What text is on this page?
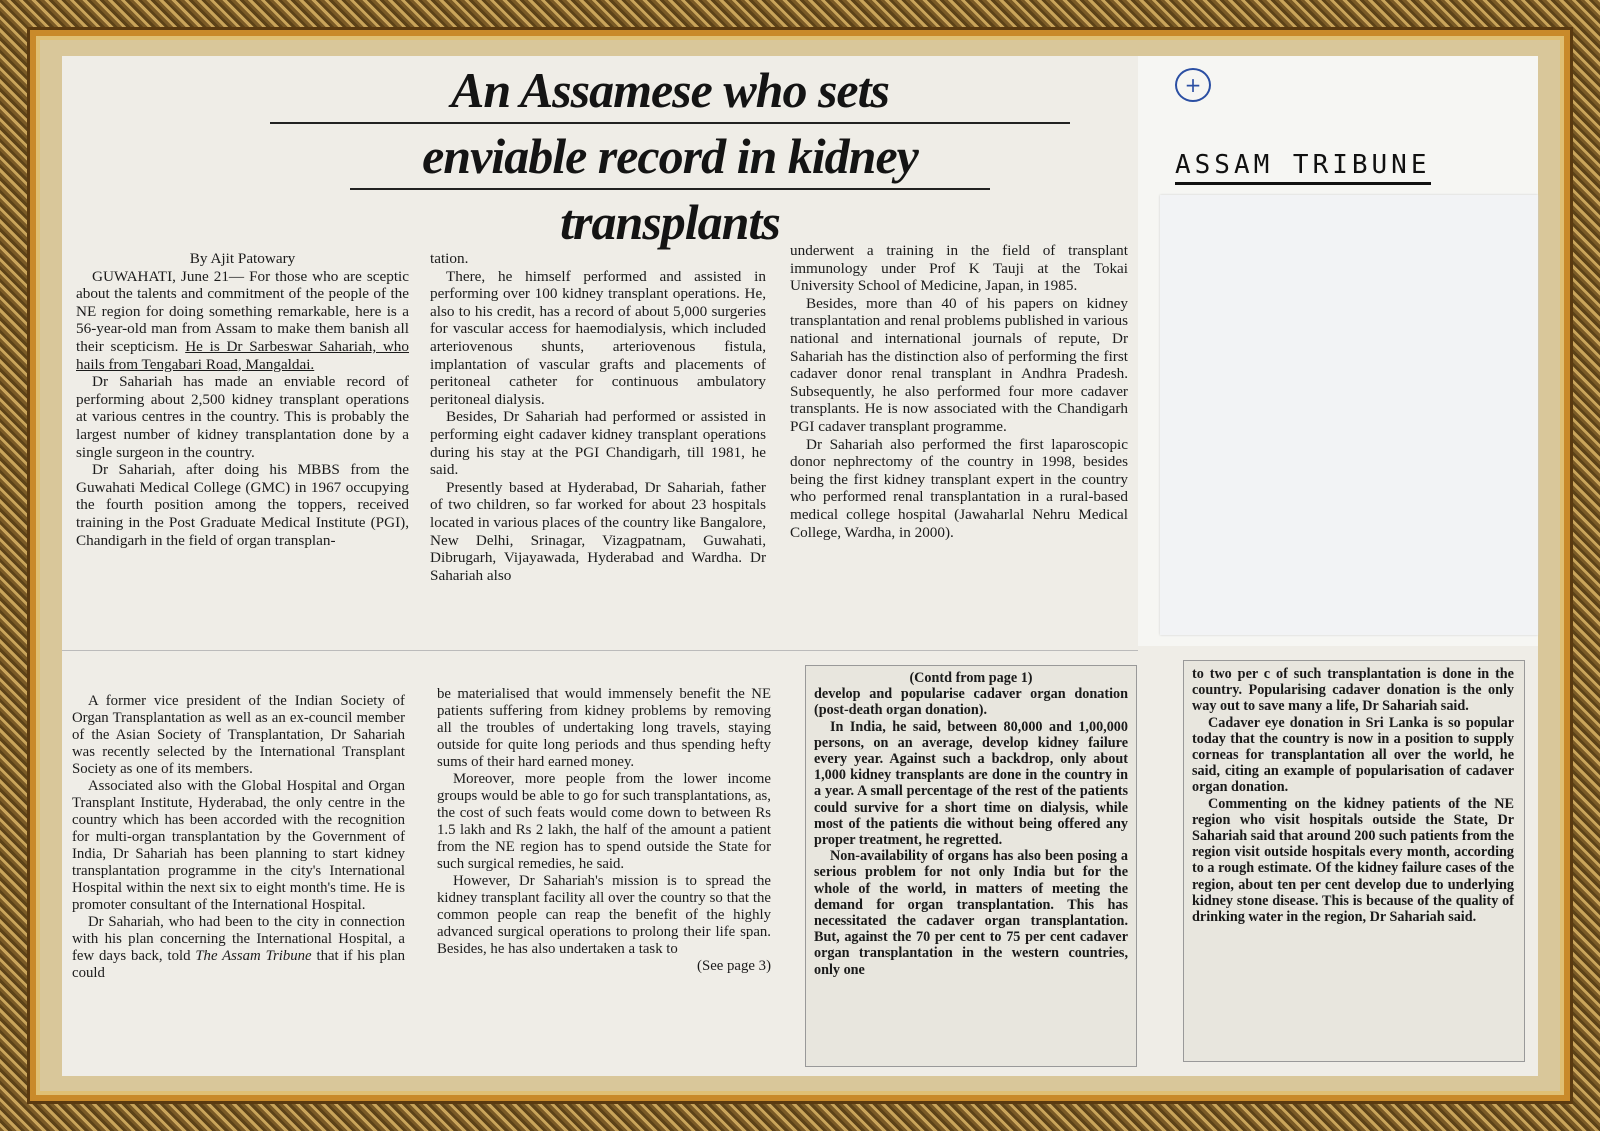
+
ASSAM TRIBUNE
An Assamese who sets
enviable record in kidney
transplants

By Ajit Patowary

GUWAHATI, June 21— For those who are sceptic about the talents and commitment of the people of the NE region for doing something remarkable, here is a 56-year-old man from Assam to make them banish all their scepticism. He is Dr Sarbeswar Sahariah, who hails from Tengabari Road, Mangaldai.

Dr Sahariah has made an enviable record of performing about 2,500 kidney transplant operations at various centres in the country. This is probably the largest number of kidney transplantation done by a single surgeon in the country.

Dr Sahariah, after doing his MBBS from the Guwahati Medical College (GMC) in 1967 occupying the fourth position among the toppers, received training in the Post Graduate Medical Institute (PGI), Chandigarh in the field of organ transplan-

tation.

There, he himself performed and assisted in performing over 100 kidney transplant operations. He, also to his credit, has a record of about 5,000 surgeries for vascular access for haemodialysis, which included arteriovenous shunts, arteriovenous fistula, implantation of vascular grafts and placements of peritoneal catheter for continuous ambulatory peritoneal dialysis.

Besides, Dr Sahariah had performed or assisted in performing eight cadaver kidney transplant operations during his stay at the PGI Chandigarh, till 1981, he said.

Presently based at Hyderabad, Dr Sahariah, father of two children, so far worked for about 23 hospitals located in various places of the country like Bangalore, New Delhi, Srinagar, Vizagpatnam, Guwahati, Dibrugarh, Vijayawada, Hyderabad and Wardha. Dr Sahariah also

underwent a training in the field of transplant immunology under Prof K Tauji at the Tokai University School of Medicine, Japan, in 1985.

Besides, more than 40 of his papers on kidney transplantation and renal problems published in various national and international journals of repute, Dr Sahariah has the distinction also of performing the first cadaver donor renal transplant in Andhra Pradesh. Subsequently, he also performed four more cadaver transplants. He is now associated with the Chandigarh PGI cadaver transplant programme.

Dr Sahariah also performed the first laparoscopic donor nephrectomy of the country in 1998, besides being the first kidney transplant expert in the country who performed renal transplantation in a rural-based medical college hospital (Jawaharlal Nehru Medical College, Wardha, in 2000).

A former vice president of the Indian Society of Organ Transplantation as well as an ex-council member of the Asian Society of Transplantation, Dr Sahariah was recently selected by the International Transplant Society as one of its members.

Associated also with the Global Hospital and Organ Transplant Institute, Hyderabad, the only centre in the country which has been accorded with the recognition for multi-organ transplantation by the Government of India, Dr Sahariah has been planning to start kidney transplantation programme in the city's International Hospital within the next six to eight month's time. He is promoter consultant of the International Hospital.

Dr Sahariah, who had been to the city in connection with his plan concerning the International Hospital, a few days back, told The Assam Tribune that if his plan could

be materialised that would immensely benefit the NE patients suffering from kidney problems by removing all the troubles of undertaking long travels, staying outside for quite long periods and thus spending hefty sums of their hard earned money.

Moreover, more people from the lower income groups would be able to go for such transplantations, as, the cost of such feats would come down to between Rs 1.5 lakh and Rs 2 lakh, the half of the amount a patient from the NE region has to spend outside the State for such surgical remedies, he said.

However, Dr Sahariah's mission is to spread the kidney transplant facility all over the country so that the common people can reap the benefit of the highly advanced surgical operations to prolong their life span. Besides, he has also undertaken a task to

(See page 3)

(Contd from page 1)

develop and popularise cadaver organ donation (post-death organ donation).

In India, he said, between 80,000 and 1,00,000 persons, on an average, develop kidney failure every year. Against such a backdrop, only about 1,000 kidney transplants are done in the country in a year. A small percentage of the rest of the patients could survive for a short time on dialysis, while most of the patients die without being offered any proper treatment, he regretted.

Non-availability of organs has also been posing a serious problem for not only India but for the whole of the world, in matters of meeting the demand for organ transplantation. This has necessitated the cadaver organ transplantation. But, against the 70 per cent to 75 per cent cadaver organ transplantation in the western countries, only one

to two per c of such transplantation is done in the country. Popularising cadaver donation is the only way out to save many a life, Dr Sahariah said.

Cadaver eye donation in Sri Lanka is so popular today that the country is now in a position to supply corneas for transplantation all over the world, he said, citing an example of popularisation of cadaver organ donation.

Commenting on the kidney patients of the NE region who visit hospitals outside the State, Dr Sahariah said that around 200 such patients from the region visit outside hospitals every month, according to a rough estimate. Of the kidney failure cases of the region, about ten per cent develop due to underlying kidney stone disease. This is because of the quality of drinking water in the region, Dr Sahariah said.
